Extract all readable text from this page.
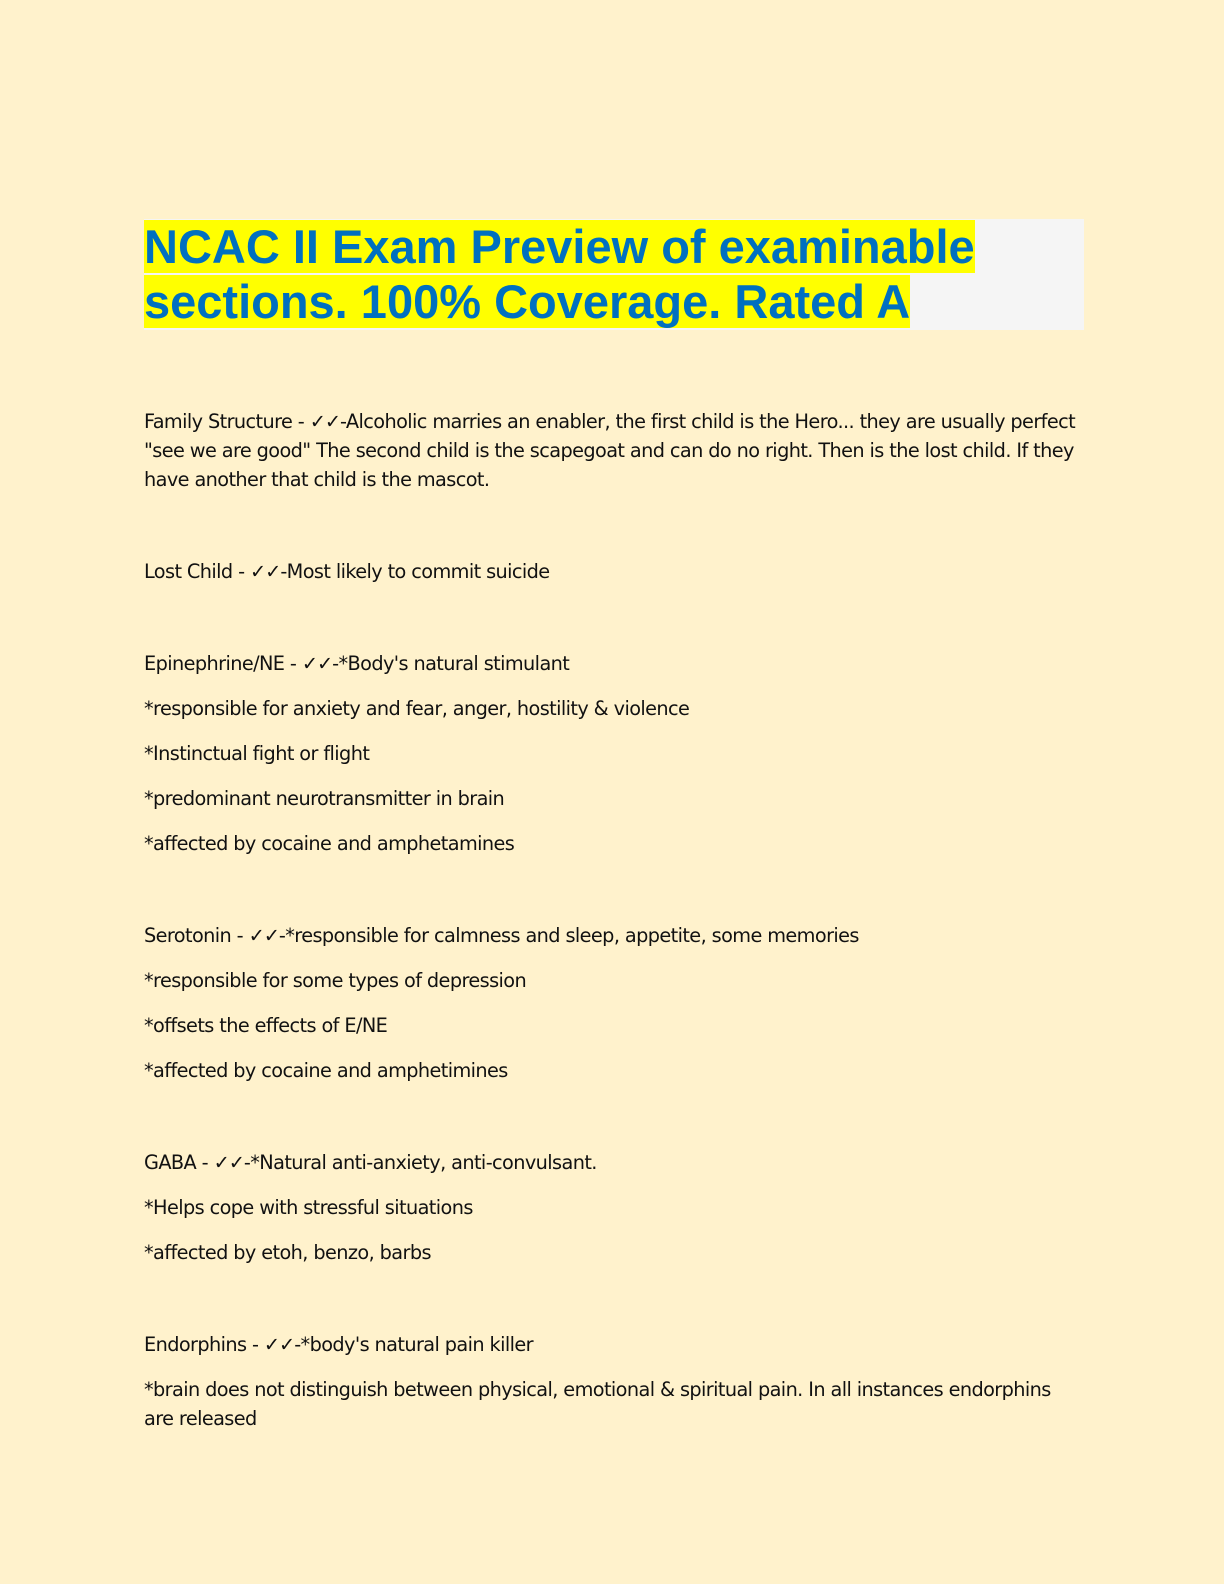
NCAC II Exam Preview of examinable
sections. 100% Coverage. Rated A

Family Structure - ✓✓-Alcoholic marries an enabler, the first child is the Hero... they are usually perfect "see we are good" The second child is the scapegoat and can do no right. Then is the lost child. If they have another that child is the mascot.

Lost Child - ✓✓-Most likely to commit suicide

Epinephrine/NE - ✓✓-*Body's natural stimulant

*responsible for anxiety and fear, anger, hostility & violence

*Instinctual fight or flight

*predominant neurotransmitter in brain

*affected by cocaine and amphetamines

Serotonin - ✓✓-*responsible for calmness and sleep, appetite, some memories

*responsible for some types of depression

*offsets the effects of E/NE

*affected by cocaine and amphetimines

GABA - ✓✓-*Natural anti-anxiety, anti-convulsant.

*Helps cope with stressful situations

*affected by etoh, benzo, barbs

Endorphins - ✓✓-*body's natural pain killer

*brain does not distinguish between physical, emotional & spiritual pain. In all instances endorphins are released
